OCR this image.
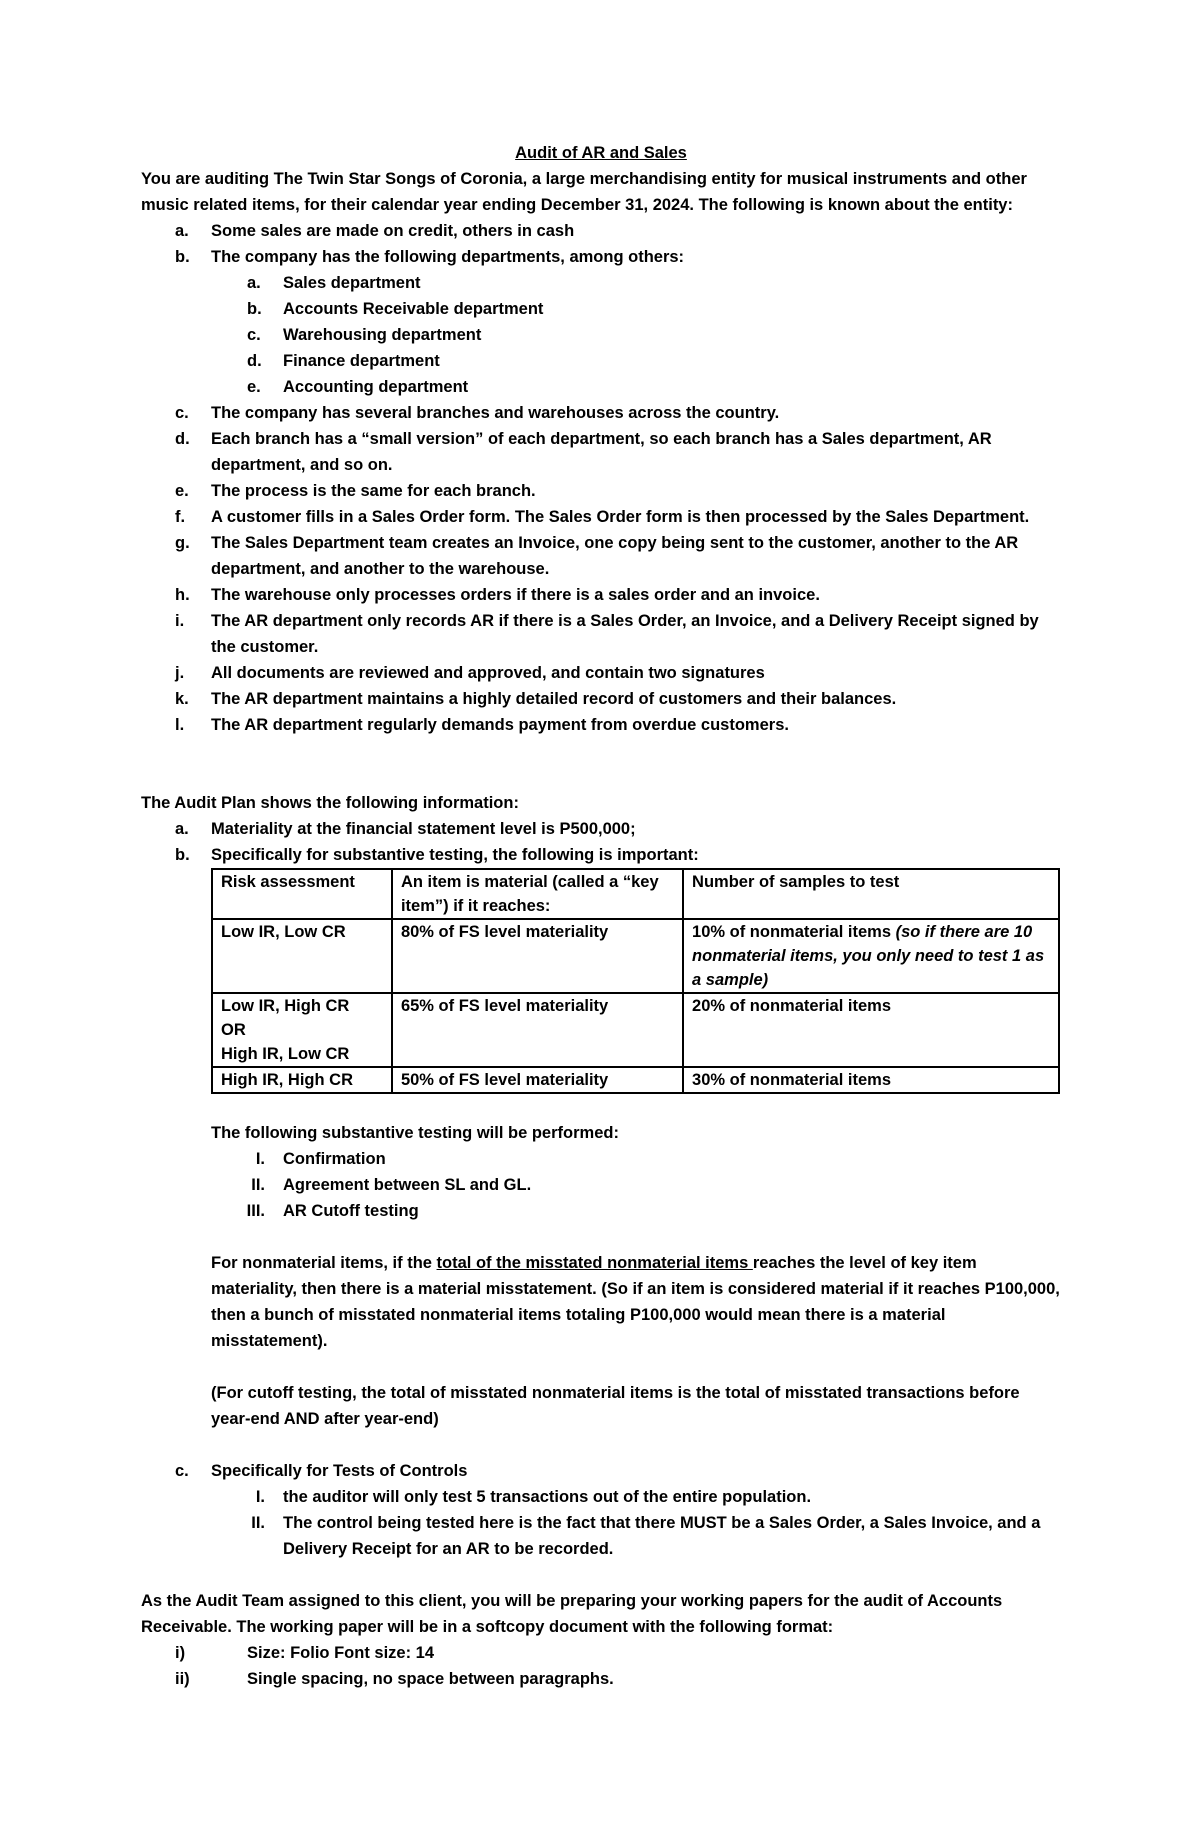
Audit of AR and Sales

You are auditing The Twin Star Songs of Coronia, a large merchandising entity for musical instruments and other music related items, for their calendar year ending December 31, 2024. The following is known about the entity:

a. Some sales are made on credit, others in cash
b. The company has the following departments, among others:
a. Sales department
b. Accounts Receivable department
c. Warehousing department
d. Finance department
e. Accounting department
c. The company has several branches and warehouses across the country.
d. Each branch has a “small version” of each department, so each branch has a Sales department, AR department, and so on.
e. The process is the same for each branch.
f. A customer fills in a Sales Order form. The Sales Order form is then processed by the Sales Department.
g. The Sales Department team creates an Invoice, one copy being sent to the customer, another to the AR department, and another to the warehouse.
h. The warehouse only processes orders if there is a sales order and an invoice.
i. The AR department only records AR if there is a Sales Order, an Invoice, and a Delivery Receipt signed by the customer.
j. All documents are reviewed and approved, and contain two signatures
k. The AR department maintains a highly detailed record of customers and their balances.
l. The AR department regularly demands payment from overdue customers.

The Audit Plan shows the following information:

a. Materiality at the financial statement level is P500,000;
b. Specifically for substantive testing, the following is important:
Risk assessment	An item is material (called a “key item”) if it reaches:	Number of samples to test
Low IR, Low CR	80% of FS level materiality	10% of nonmaterial items (so if there are 10 nonmaterial items, you only need to test 1 as a sample)

Low IR, High CR
OR
High IR, Low CR	65% of FS level materiality	20% of nonmaterial items
High IR, High CR	50% of FS level materiality	30% of nonmaterial items

The following substantive testing will be performed:

I. Confirmation
II. Agreement between SL and GL.
III. AR Cutoff testing

For nonmaterial items, if the total of the misstated nonmaterial items reaches the level of key item materiality, then there is a material misstatement. (So if an item is considered material if it reaches P100,000, then a bunch of misstated nonmaterial items totaling P100,000 would mean there is a material misstatement).

(For cutoff testing, the total of misstated nonmaterial items is the total of misstated transactions before year-end AND after year-end)

c. Specifically for Tests of Controls
I. the auditor will only test 5 transactions out of the entire population.
II. The control being tested here is the fact that there MUST be a Sales Order, a Sales Invoice, and a Delivery Receipt for an AR to be recorded.

As the Audit Team assigned to this client, you will be preparing your working papers for the audit of Accounts Receivable. The working paper will be in a softcopy document with the following format:

i)	Size: Folio Font size: 14
ii)	Single spacing, no space between paragraphs.
